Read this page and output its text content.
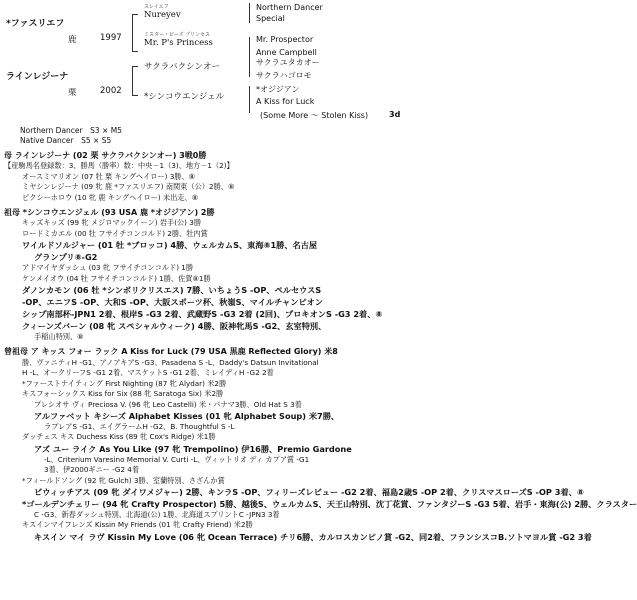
*ファスリエフ
鹿	1997
ラインレジーナ
栗	2002
スレイエフ
Nureyev
Northern Dancer
Special
ミスター・ピーズ プリンセス
Mr. P's Princess	Mr. Prospector
Anne Campbell
サクラバクシンオー	サクラユタカオー
サクラハゴロモ
*シンコウエンジェル
*オジジアン
A Kiss for Luck
(Some More ～ Stolen Kiss)	3d
Northern Dancer　S3 × M5
Native Dancer　S5 × S5
母 ラインレジーナ (02 栗 サクラバクシンオー) 3戦0勝
【産駒馬名登録数：3、勝馬（勝率）数：中央－1（3)、地方－1（2)】
オースミマリオン (07 牡 栗 キングヘイロー) 3勝、⑧
ミヤシンレジーナ (09 牝 鹿 *ファスリエフ) 南関東（公）2勝、⑧
ピクシーホロウ (10 牝 鹿 キングヘイロー) 未出走、⑧
祖母 *シンコウエンジェル (93 USA 鹿 *オジジアン) 2勝
キッズキッズ (99 牝 メジロマックイーン) 岩手(公) 3勝
ロードミカエル (00 牡 フサイチコンコルド) 2勝、牡内賞
ワイルドソルジャー (01 牡 *ブロッコ) 4勝、ウェルカムS、東海⑧1勝、名古屋
グランプリ⑧-G2
アドマイヤダッシュ (03 牝 フサイチコンコルド) 1勝
ケンメイオウ (04 牡 フサイチコンコルド) 1勝、佐賀⑧1勝
ダノンカモン (06 牡 *シンボリクリスエス) 7勝、いちょうS -OP、ペルセウスS
-OP、エニフS -OP、大和S -OP、大阪スポーツ杯、秋嶺S、マイルチャンピオン
シップ南部杯-JPN1 2着、根岸S -G3 2着、武蔵野S -G3 2着 (2回)、プロキオンS -G3 2着、⑧
クィーンズバーン (08 牝 スペシャルウィーク) 4勝、阪神牝馬S -G2、玄室特別、
手稲山特別、⑧
曾祖母 ア キッス フォー ラック A Kiss for Luck (79 USA 黒鹿 Reflected Glory) 米8
勝、ヴァニティH -G1、アノアキアS -G3、Pasadena S -L、Daddy's Datsun Invitational
H -L、オークリーフS -G1 2着、マスケットS -G1 2着、ミレイディH -G2 2着
*ファーストナイティング First Nighting (87 牝 Alydar) 米2勝
キスフォーシックス Kiss for Six (88 牝 Saratoga Six) 米2勝
プレシオサ ヴィ Preciosa V. (96 牝 Leo Castelli) 米・パナマ3勝、Old Hat S 3着
アルファベット キシーズ Alphabet Kisses (01 牝 Alphabet Soup) 米7勝、
ラプレアS -G1、エイグラームH -G2、B. Thoughtful S -L
ダッチェス キス Duchess Kiss (89 牝 Cox's Ridge) 米1勝
アズ ユー ライク As You Like (97 牝 Trempolino) 伊16勝、Premio Gardone
-L、Criterium Varesino Memorial V. Curti -L、ヴィットリオ ディ カプア賞 -G1
3着、伊2000ギニー -G2 4着
*フィールドソング (92 牝 Gulch) 3勝、室蘭特別、さざんか賞
ビウィッチアス (09 牝 ダイワメジャー) 2勝、キンラS -OP、フィリーズレビュー -G2 2着、福島2歳S -OP 2着、クリスマスローズS -OP 3着、⑧
*ゴールデンチェリー (94 牝 Crafty Prospector) 5勝、越後S、ウェルカムS、天王山特別、沈丁花賞、ファンタジーS -G3 5着、岩手・東海(公) 2勝、クラスター
C -G3、新春ダッシュ特別、北海道(公) 1勝、北海道スプリントC -JPN3 3着
キスインマイフレンズ Kissin My Friends (01 牝 Crafty Friend) 米2勝
キスイン マイ ラヴ Kissin My Love (06 牝 Ocean Terrace) チリ6勝、カルロスカンピノ賞 -G2、同2着、フランシスコB.ソトマヨル賞 -G2 3着
